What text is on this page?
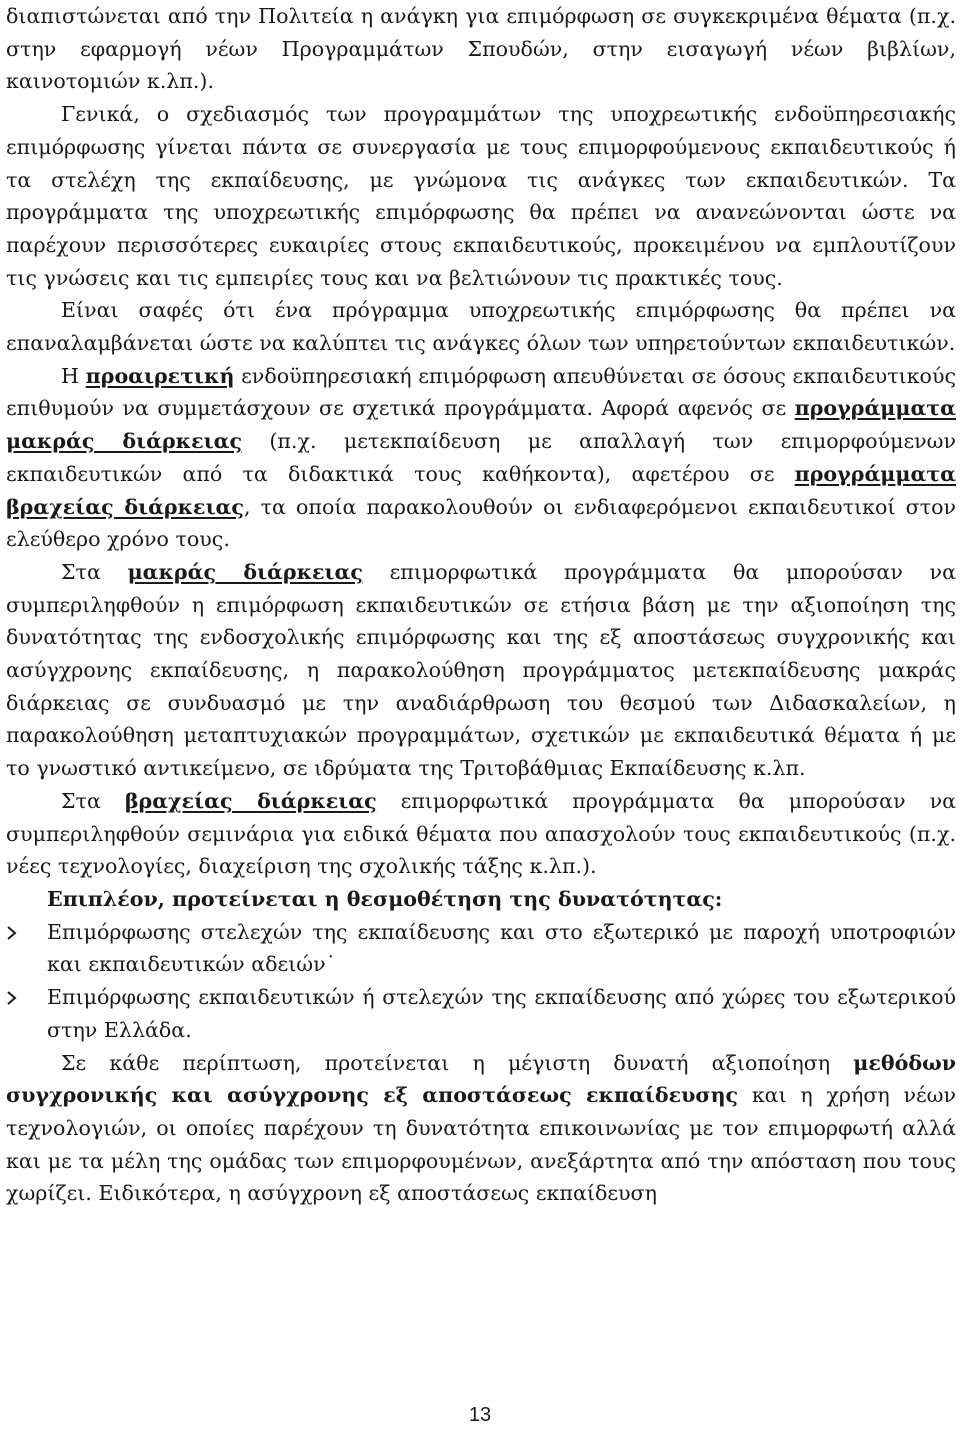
διαπιστώνεται από την Πολιτεία η ανάγκη για επιμόρφωση σε συγκεκριμένα θέματα (π.χ. στην εφαρμογή νέων Προγραμμάτων Σπουδών, στην εισαγωγή νέων βιβλίων, καινοτομιών κ.λπ.).

Γενικά, ο σχεδιασμός των προγραμμάτων της υποχρεωτικής ενδοϋπηρεσιακής επιμόρφωσης γίνεται πάντα σε συνεργασία με τους επιμορφούμενους εκπαιδευτικούς ή τα στελέχη της εκπαίδευσης, με γνώμονα τις ανάγκες των εκπαιδευτικών. Τα προγράμματα της υποχρεωτικής επιμόρφωσης θα πρέπει να ανανεώνονται ώστε να παρέχουν περισσότερες ευκαιρίες στους εκπαιδευτικούς, προκειμένου να εμπλουτίζουν τις γνώσεις και τις εμπειρίες τους και να βελτιώνουν τις πρακτικές τους.

Είναι σαφές ότι ένα πρόγραμμα υποχρεωτικής επιμόρφωσης θα πρέπει να επαναλαμβάνεται ώστε να καλύπτει τις ανάγκες όλων των υπηρετούντων εκπαιδευτικών.

Η προαιρετική ενδοϋπηρεσιακή επιμόρφωση απευθύνεται σε όσους εκπαιδευτικούς επιθυμούν να συμμετάσχουν σε σχετικά προγράμματα. Αφορά αφενός σε προγράμματα μακράς διάρκειας (π.χ. μετεκπαίδευση με απαλλαγή των επιμορφούμενων εκπαιδευτικών από τα διδακτικά τους καθήκοντα), αφετέρου σε προγράμματα βραχείας διάρκειας, τα οποία παρακολουθούν οι ενδιαφερόμενοι εκπαιδευτικοί στον ελεύθερο χρόνο τους.

Στα μακράς διάρκειας επιμορφωτικά προγράμματα θα μπορούσαν να συμπεριληφθούν η επιμόρφωση εκπαιδευτικών σε ετήσια βάση με την αξιοποίηση της δυνατότητας της ενδοσχολικής επιμόρφωσης και της εξ αποστάσεως συγχρονικής και ασύγχρονης εκπαίδευσης, η παρακολούθηση προγράμματος μετεκπαίδευσης μακράς διάρκειας σε συνδυασμό με την αναδιάρθρωση του θεσμού των Διδασκαλείων, η παρακολούθηση μεταπτυχιακών προγραμμάτων, σχετικών με εκπαιδευτικά θέματα ή με το γνωστικό αντικείμενο, σε ιδρύματα της Τριτοβάθμιας Εκπαίδευσης κ.λπ.

Στα βραχείας διάρκειας επιμορφωτικά προγράμματα θα μπορούσαν να συμπεριληφθούν σεμινάρια για ειδικά θέματα που απασχολούν τους εκπαιδευτικούς (π.χ. νέες τεχνολογίες, διαχείριση της σχολικής τάξης κ.λπ.).

Επιπλέον, προτείνεται η θεσμοθέτηση της δυνατότητας:

Επιμόρφωσης στελεχών της εκπαίδευσης και στο εξωτερικό με παροχή υποτροφιών και εκπαιδευτικών αδειών˙
Επιμόρφωσης εκπαιδευτικών ή στελεχών της εκπαίδευσης από χώρες του εξωτερικού στην Ελλάδα.

Σε κάθε περίπτωση, προτείνεται η μέγιστη δυνατή αξιοποίηση μεθόδων συγχρονικής και ασύγχρονης εξ αποστάσεως εκπαίδευσης και η χρήση νέων τεχνολογιών, οι οποίες παρέχουν τη δυνατότητα επικοινωνίας με τον επιμορφωτή αλλά και με τα μέλη της ομάδας των επιμορφουμένων, ανεξάρτητα από την απόσταση που τους χωρίζει. Ειδικότερα, η ασύγχρονη εξ αποστάσεως εκπαίδευση

13
